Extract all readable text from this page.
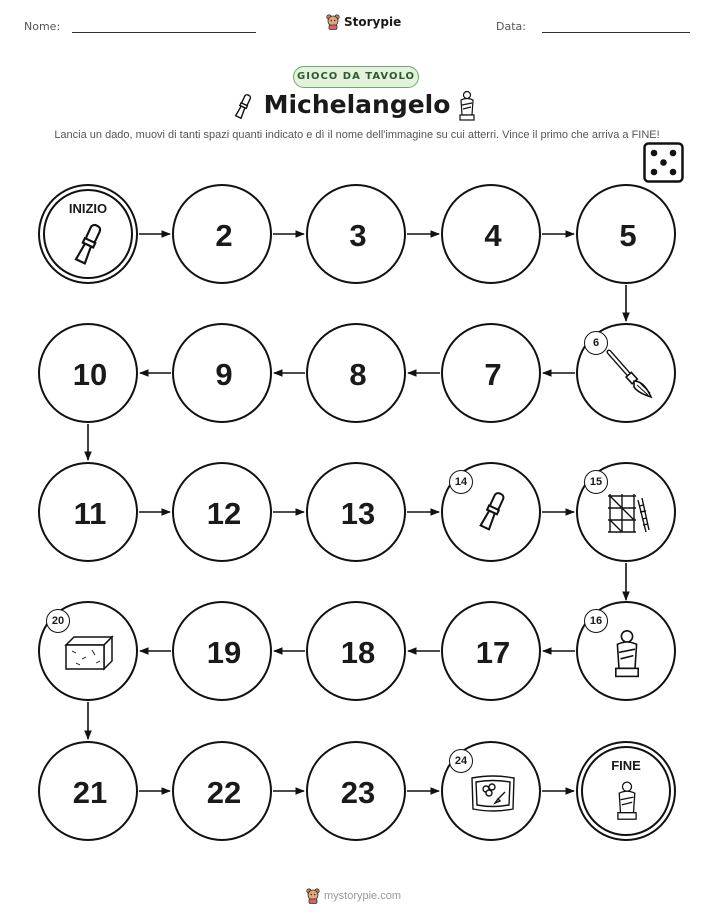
Nome:	Storypie	Data:
GIOCO DA TAVOLO
Michelangelo
Lancia un dado, muovi di tanti spazi quanti indicato e dì il nome dell'immagine su cui atterri. Vince il primo che arriva a FINE!
INIZIO
2	3	4	5
10	9	8	7
6
11	12	13
14	15
20
19	18	17
16
21	22	23
24	FINE
mystorypie.com
